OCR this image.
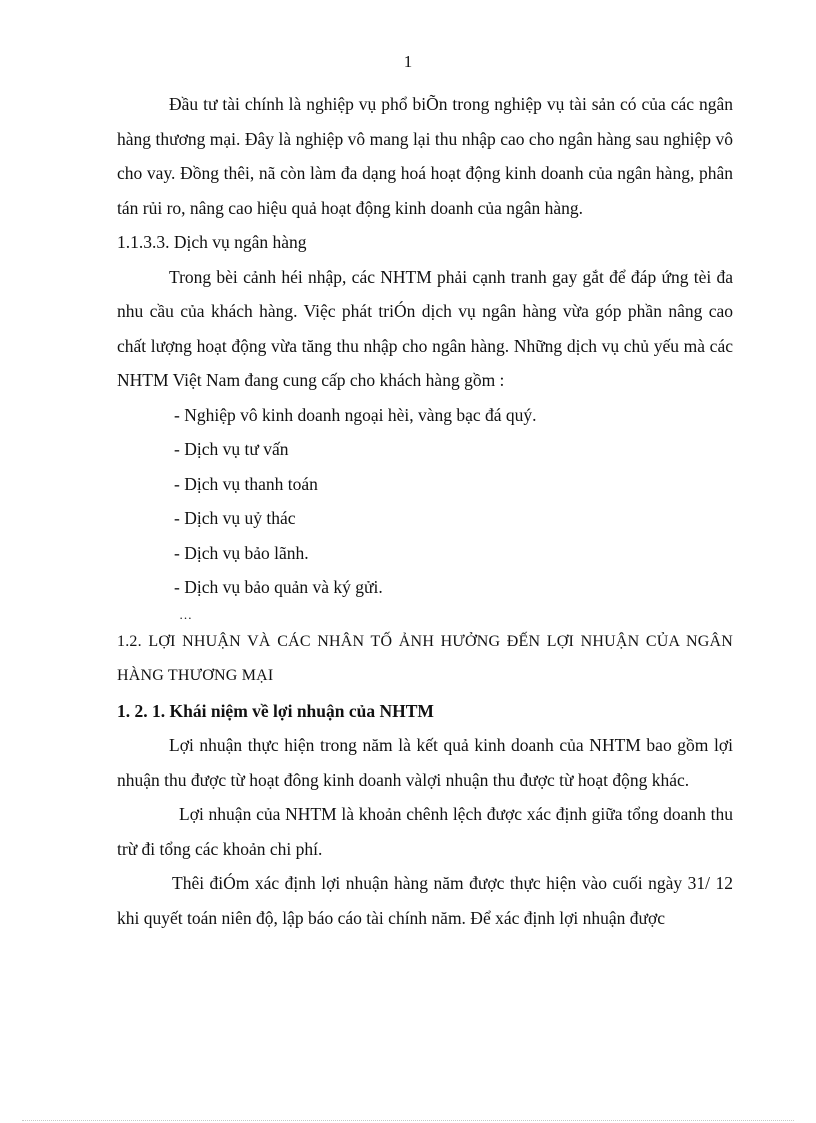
1

Đầu tư tài chính là nghiệp vụ phổ biÕn trong nghiệp vụ tài sản có của các ngân hàng thương mại. Đây là nghiệp vô mang lại thu nhập cao cho ngân hàng sau nghiệp vô cho vay. Đồng thêi, nã còn làm đa dạng hoá hoạt động kinh doanh của ngân hàng, phân tán rủi ro, nâng cao hiệu quả hoạt động kinh doanh của ngân hàng.

1.1.3.3. Dịch vụ ngân hàng

Trong bèi cảnh héi nhập, các NHTM phải cạnh tranh gay gắt để đáp ứng tèi đa nhu cầu của khách hàng. Việc phát triÓn dịch vụ ngân hàng vừa góp phần nâng cao chất lượng hoạt động vừa tăng thu nhập cho ngân hàng. Những dịch vụ chủ yếu mà các NHTM Việt Nam đang cung cấp cho khách hàng gồm :

- Nghiệp vô kinh doanh ngoại hèi, vàng bạc đá quý.

- Dịch vụ tư vấn

- Dịch vụ thanh toán

- Dịch vụ uỷ thác

- Dịch vụ bảo lãnh.

- Dịch vụ bảo quản và ký gửi.

…

1.2. LỢI NHUẬN VÀ CÁC NHÂN TỐ ẢNH HƯỞNG ĐẾN LỢI NHUẬN CỦA NGÂN HÀNG THƯƠNG MẠI

1. 2. 1. Khái niệm về lợi nhuận của NHTM

Lợi nhuận thực hiện trong năm là kết quả kinh doanh của NHTM bao gồm lợi nhuận thu được từ hoạt đông kinh doanh vàlợi nhuận thu được từ hoạt động khác.

Lợi nhuận của NHTM là khoản chênh lệch được xác định giữa tổng doanh thu trừ đi tổng các khoản chi phí.

Thêi điÓm xác định lợi nhuận hàng năm được thực hiện vào cuối ngày 31/ 12 khi quyết toán niên độ, lập báo cáo tài chính năm. Để xác định lợi nhuận được
